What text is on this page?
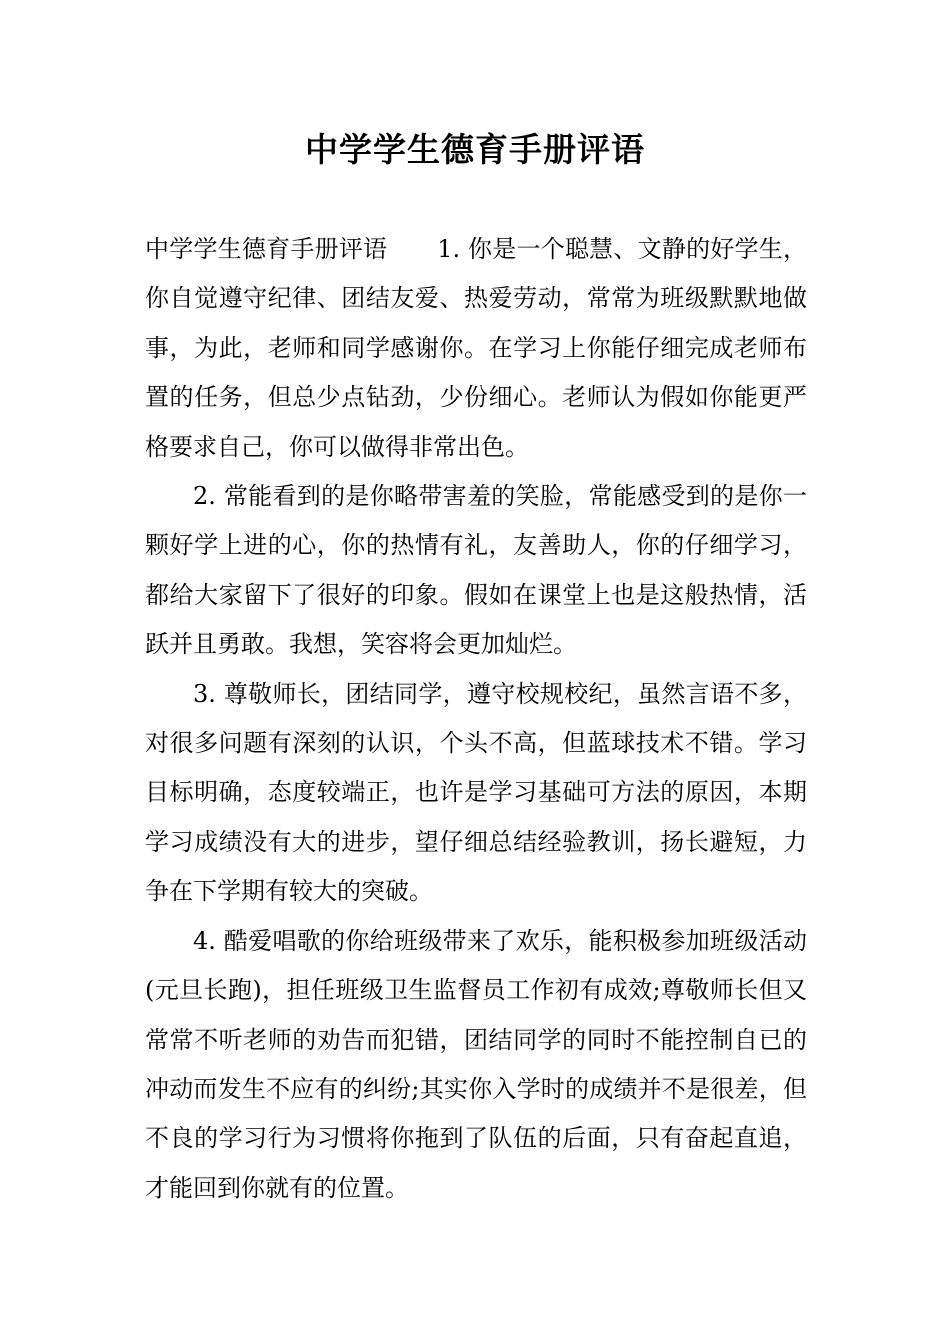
中学学生德育手册评语

中学学生德育手册评语 1. 你是一个聪慧、文静的好学生，你自觉遵守纪律、团结友爱、热爱劳动，常常为班级默默地做事，为此，老师和同学感谢你。在学习上你能仔细完成老师布置的任务，但总少点钻劲，少份细心。老师认为假如你能更严格要求自己，你可以做得非常出色。

2. 常能看到的是你略带害羞的笑脸，常能感受到的是你一颗好学上进的心，你的热情有礼，友善助人，你的仔细学习，都给大家留下了很好的印象。假如在课堂上也是这般热情，活跃并且勇敢。我想，笑容将会更加灿烂。

3. 尊敬师长，团结同学，遵守校规校纪，虽然言语不多，对很多问题有深刻的认识，个头不高，但蓝球技术不错。学习目标明确，态度较端正，也许是学习基础可方法的原因，本期学习成绩没有大的进步，望仔细总结经验教训，扬长避短，力争在下学期有较大的突破。

4. 酷爱唱歌的你给班级带来了欢乐，能积极参加班级活动(元旦长跑)，担任班级卫生监督员工作初有成效;尊敬师长但又常常不听老师的劝告而犯错，团结同学的同时不能控制自已的冲动而发生不应有的纠纷;其实你入学时的成绩并不是很差，但不良的学习行为习惯将你拖到了队伍的后面，只有奋起直追，才能回到你就有的位置。
